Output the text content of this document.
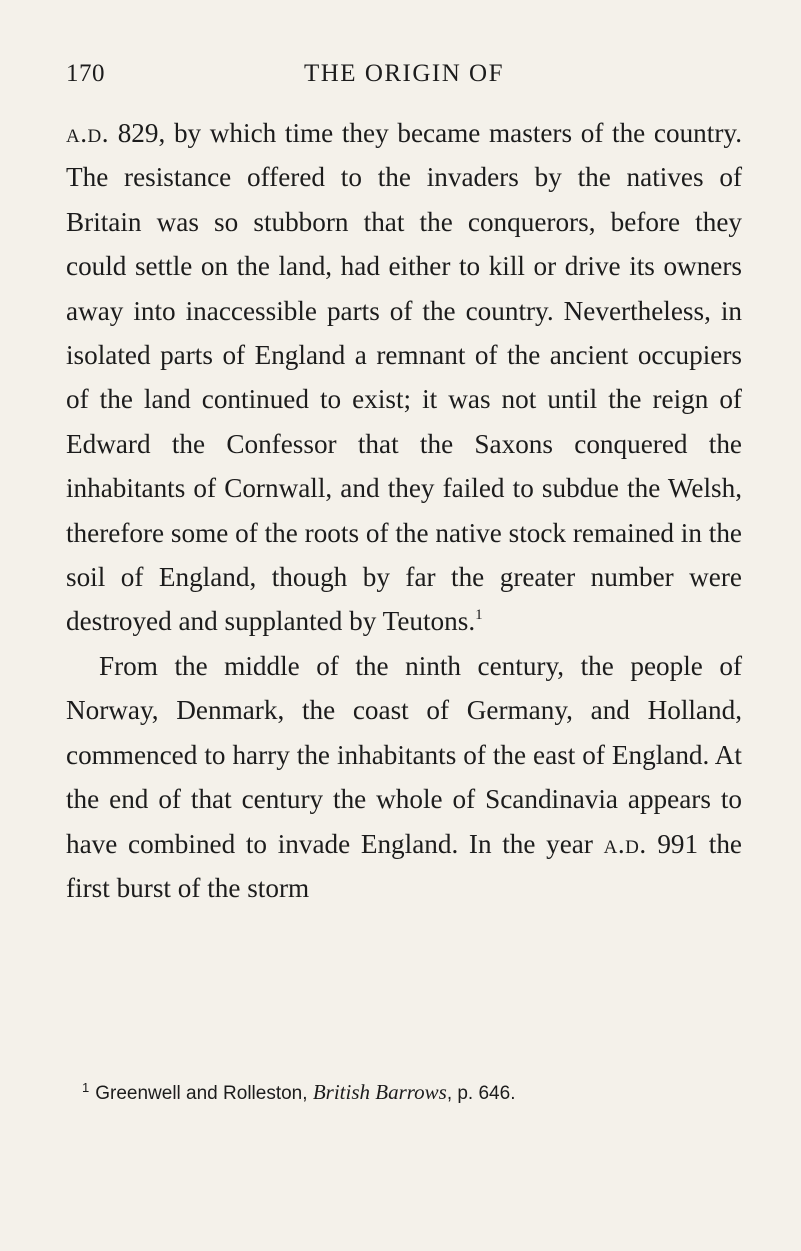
170	THE ORIGIN OF

a.d. 829, by which time they became masters of the country. The resistance offered to the invaders by the natives of Britain was so stubborn that the conquerors, before they could settle on the land, had either to kill or drive its owners away into inaccessible parts of the country. Nevertheless, in isolated parts of England a remnant of the ancient occupiers of the land continued to exist; it was not until the reign of Edward the Confessor that the Saxons conquered the inhabitants of Cornwall, and they failed to subdue the Welsh, therefore some of the roots of the native stock remained in the soil of England, though by far the greater number were destroyed and supplanted by Teutons.$^1$

From the middle of the ninth century, the people of Norway, Denmark, the coast of Germany, and Holland, commenced to harry the inhabitants of the east of England. At the end of that century the whole of Scandinavia appears to have combined to invade England. In the year a.d. 991 the first burst of the storm

$^1$ Greenwell and Rolleston, British Barrows, p. 646.
